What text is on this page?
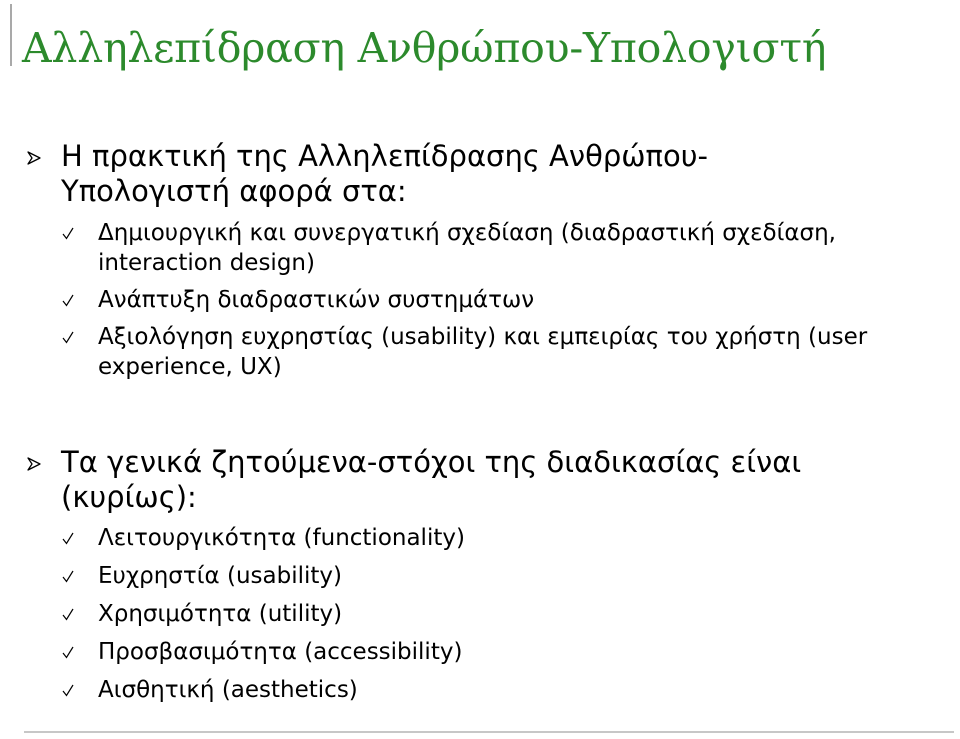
Αλληλεπίδραση Ανθρώπου-Υπολογιστή
Η πρακτική της Αλληλεπίδρασης Ανθρώπου-
Υπολογιστή αφορά στα:
Δημιουργική και συνεργατική σχεδίαση (διαδραστική σχεδίαση,
interaction design)
Ανάπτυξη διαδραστικών συστημάτων
Αξιολόγηση ευχρηστίας (usability) και εμπειρίας του χρήστη (user
experience, UX)
Τα γενικά ζητούμενα-στόχοι της διαδικασίας είναι
(κυρίως):
Λειτουργικότητα (functionality)
Ευχρηστία (usability)
Χρησιμότητα (utility)
Προσβασιμότητα (accessibility)
Αισθητική (aesthetics)
